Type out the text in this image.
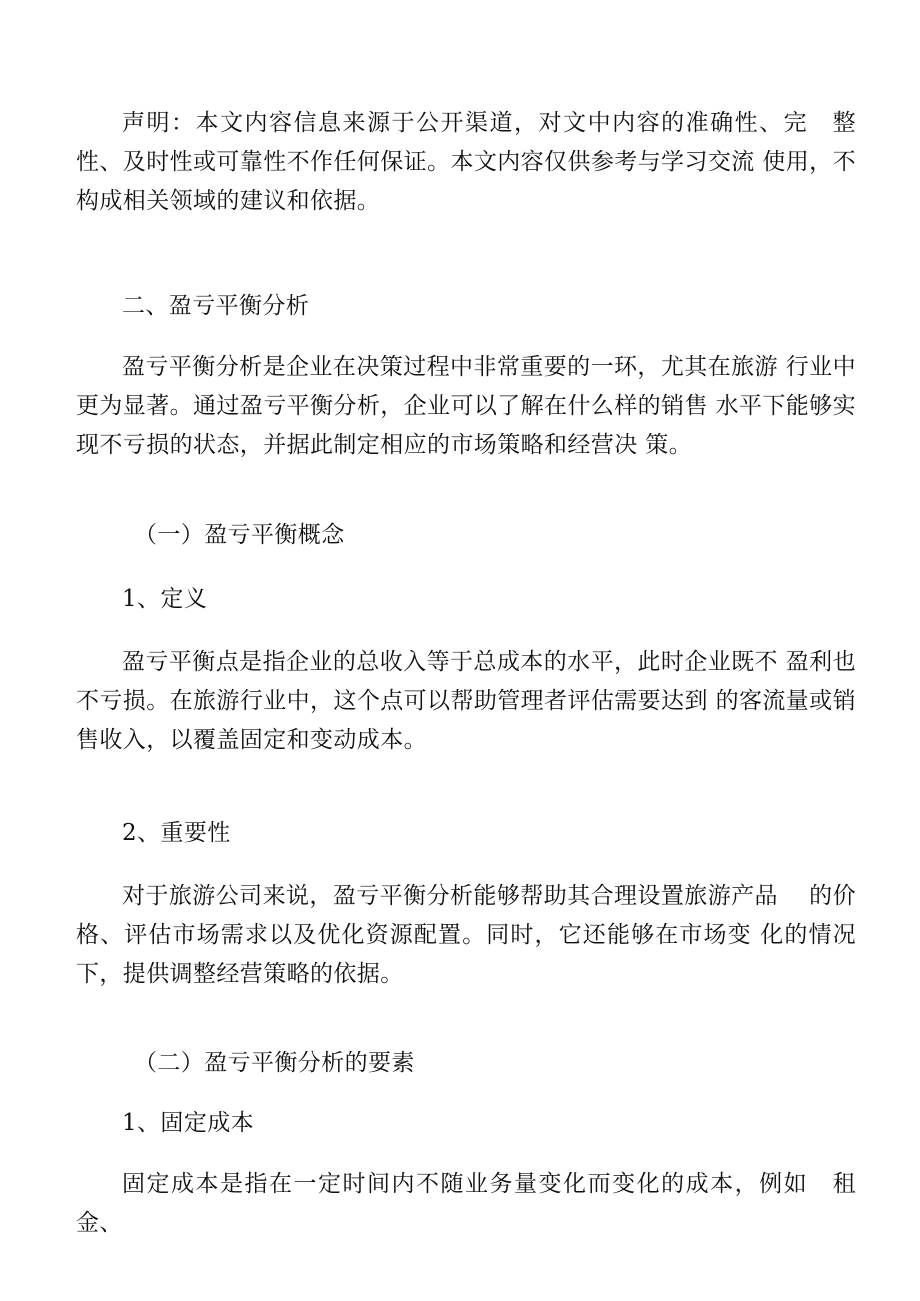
声明：本文内容信息来源于公开渠道，对文中内容的准确性、完　整性、及时性或可靠性不作任何保证。本文内容仅供参考与学习交流 使用，不构成相关领域的建议和依据。

二、盈亏平衡分析

盈亏平衡分析是企业在决策过程中非常重要的一环，尤其在旅游 行业中更为显著。通过盈亏平衡分析，企业可以了解在什么样的销售 水平下能够实现不亏损的状态，并据此制定相应的市场策略和经营决 策。

（一）盈亏平衡概念

1、定义

盈亏平衡点是指企业的总收入等于总成本的水平，此时企业既不 盈利也不亏损。在旅游行业中，这个点可以帮助管理者评估需要达到 的客流量或销售收入，以覆盖固定和变动成本。

2、重要性

对于旅游公司来说，盈亏平衡分析能够帮助其合理设置旅游产品　 的价格、评估市场需求以及优化资源配置。同时，它还能够在市场变 化的情况下，提供调整经营策略的依据。

（二）盈亏平衡分析的要素

1、固定成本

固定成本是指在一定时间内不随业务量变化而变化的成本，例如　租金、
